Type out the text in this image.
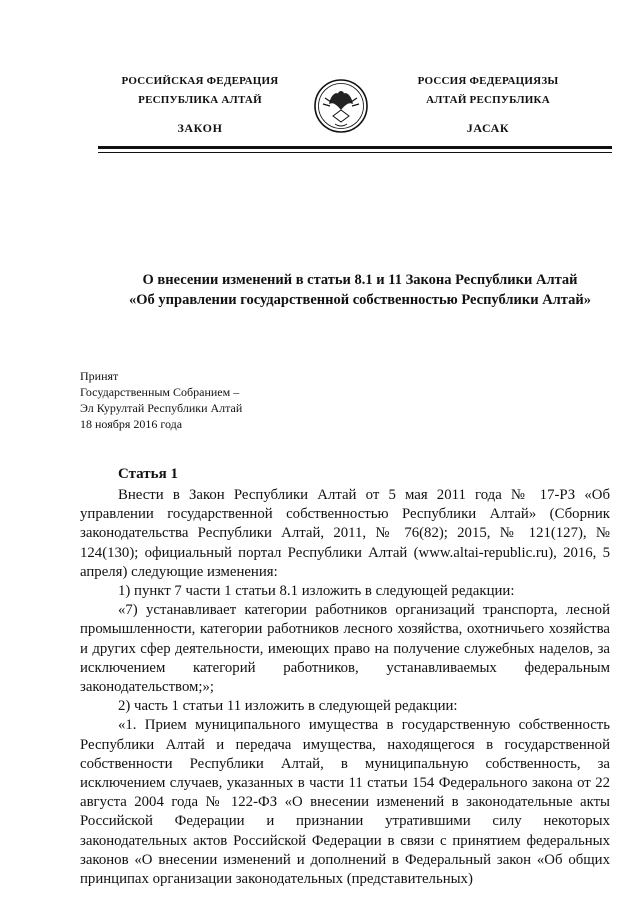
РОССИЙСКАЯ ФЕДЕРАЦИЯ
РЕСПУБЛИКА АЛТАЙ
ЗАКОН
РОССИЯ ФЕДЕРАЦИЯЗЫ
АЛТАЙ РЕСПУБЛИКА
JАСАК
О внесении изменений в статьи 8.1 и 11 Закона Республики Алтай
«Об управлении государственной собственностью Республики Алтай»
Принят
Государственным Собранием –
Эл Курултай Республики Алтай
18 ноября 2016 года
Статья 1

Внести в Закон Республики Алтай от 5 мая 2011 года № 17-РЗ «Об управлении государственной собственностью Республики Алтай» (Сборник законодательства Республики Алтай, 2011, № 76(82); 2015, № 121(127), № 124(130); официальный портал Республики Алтай (www.altai-republic.ru), 2016, 5 апреля) следующие изменения:

1) пункт 7 части 1 статьи 8.1 изложить в следующей редакции:

«7) устанавливает категории работников организаций транспорта, лесной промышленности, категории работников лесного хозяйства, охотничьего хозяйства и других сфер деятельности, имеющих право на получение служебных наделов, за исключением категорий работников, устанавливаемых федеральным законодательством;»;

2) часть 1 статьи 11 изложить в следующей редакции:

«1. Прием муниципального имущества в государственную собственность Республики Алтай и передача имущества, находящегося в государственной собственности Республики Алтай, в муниципальную собственность, за исключением случаев, указанных в части 11 статьи 154 Федерального закона от 22 августа 2004 года № 122-ФЗ «О внесении изменений в законодательные акты Российской Федерации и признании утратившими силу некоторых законодательных актов Российской Федерации в связи с принятием федеральных законов «О внесении изменений и дополнений в Федеральный закон «Об общих принципах организации законодательных (представительных)
